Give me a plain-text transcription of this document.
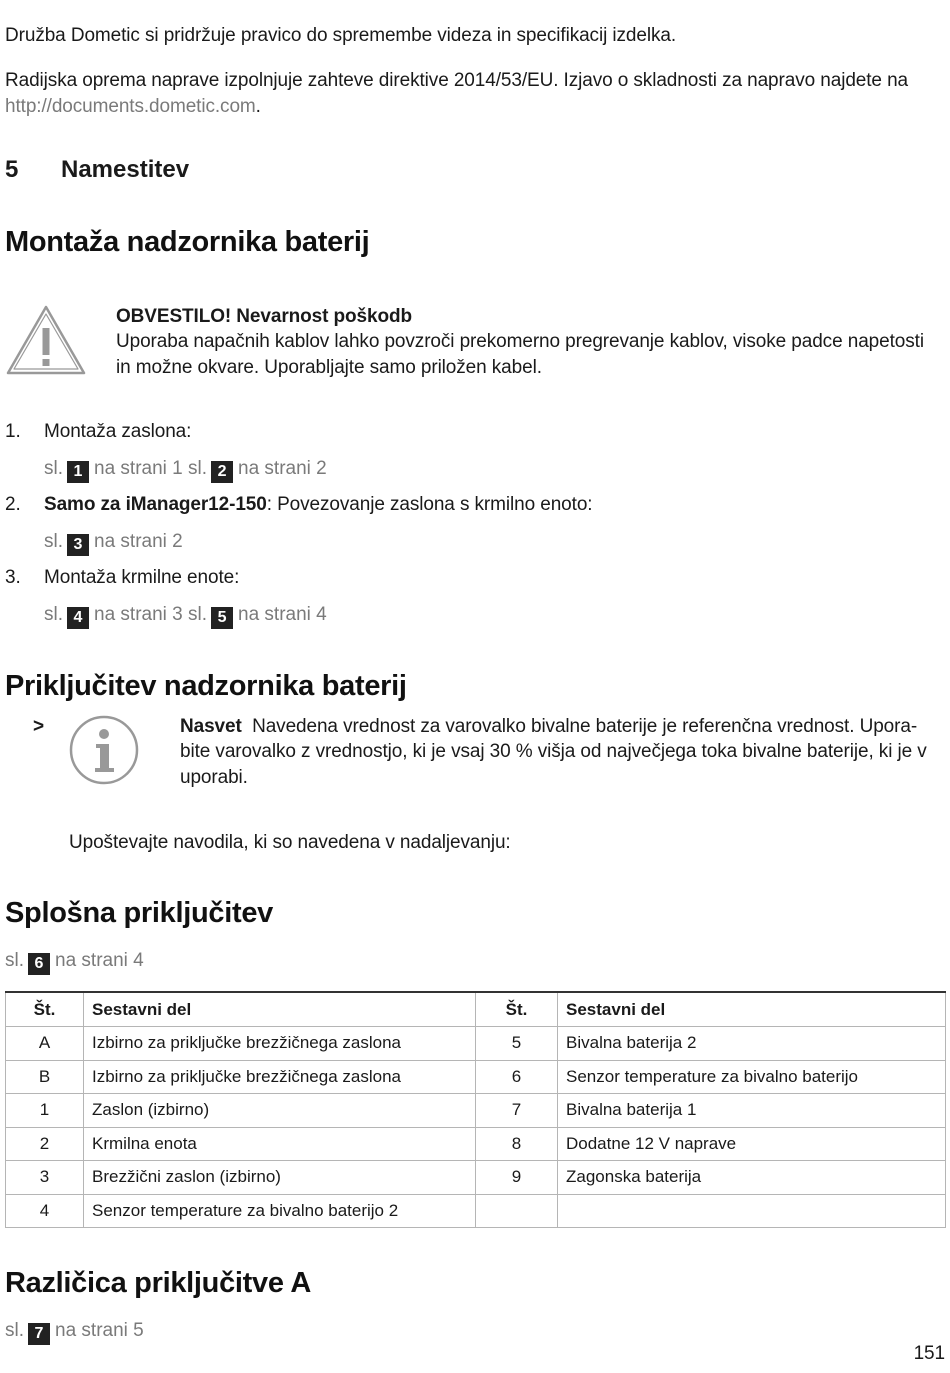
Družba Dometic si pridržuje pravico do spremembe videza in specifikacij izdelka.
Radijska oprema naprave izpolnjuje zahteve direktive 2014/53/EU. Izjavo o skladnosti za napravo najdete na
http://documents.dometic.com.
5 Namestitev
Montaža nadzornika baterij
OBVESTILO! Nevarnost poškodb
Uporaba napačnih kablov lahko povzroči prekomerno pregrevanje kablov, visoke padce napetosti
in možne okvare. Uporabljajte samo priložen kabel.
1. Montaža zaslona:
sl. 1 na strani 1 sl. 2 na strani 2
2. Samo za iManager12-150: Povezovanje zaslona s krmilno enoto:
sl. 3 na strani 2
3. Montaža krmilne enote:
sl. 4 na strani 3 sl. 5 na strani 4
Priključitev nadzornika baterij
>	Nasvet Navedena vrednost za varovalko bivalne baterije je referenčna vrednost. Upora-
bite varovalko z vrednostjo, ki je vsaj 30 % višja od največjega toka bivalne baterije, ki je v
uporabi.
Upoštevajte navodila, ki so navedena v nadaljevanju:
Splošna priključitev
sl. 6 na strani 4
Št.	Sestavni del	Št.	Sestavni del
A	Izbirno za priključke brezžičnega zaslona	5	Bivalna baterija 2
B	Izbirno za priključke brezžičnega zaslona	6	Senzor temperature za bivalno baterijo
1	Zaslon (izbirno)	7	Bivalna baterija 1
2	Krmilna enota	8	Dodatne 12 V naprave
3	Brezžični zaslon (izbirno)	9	Zagonska baterija
4	Senzor temperature za bivalno baterijo 2		
Različica priključitve A
sl. 7 na strani 5
151
